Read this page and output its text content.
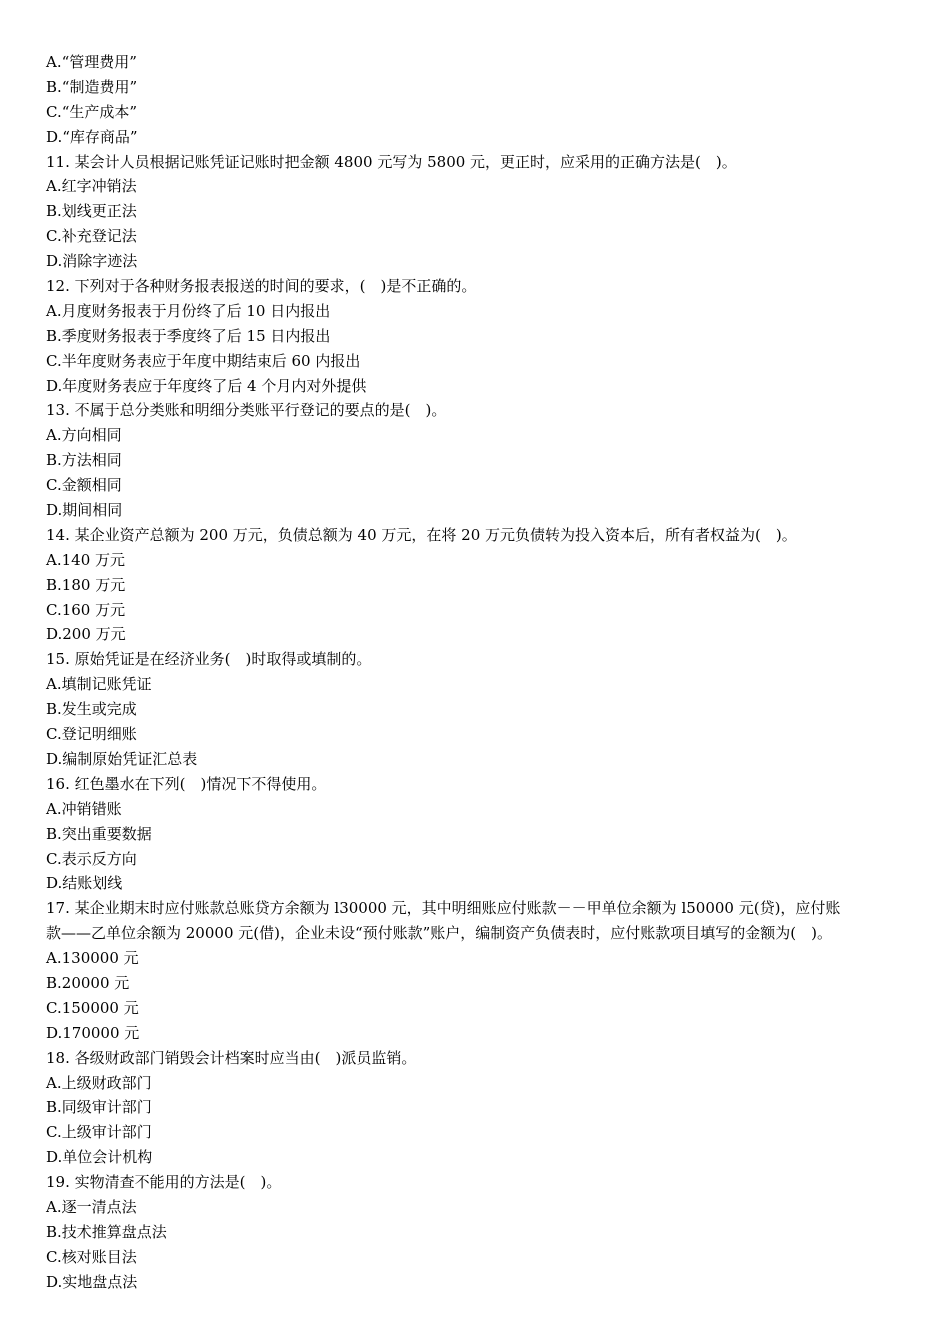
A.“管理费用”
B.“制造费用”
C.“生产成本”
D.“库存商品”
11. 某会计人员根据记账凭证记账时把金额 4800 元写为 5800 元，更正时，应采用的正确方法是(　)。
A.红字冲销法
B.划线更正法
C.补充登记法
D.消除字迹法
12. 下列对于各种财务报表报送的时间的要求，(　)是不正确的。
A.月度财务报表于月份终了后 10 日内报出
B.季度财务报表于季度终了后 15 日内报出
C.半年度财务表应于年度中期结束后 60 内报出
D.年度财务表应于年度终了后 4 个月内对外提供
13. 不属于总分类账和明细分类账平行登记的要点的是(　)。
A.方向相同
B.方法相同
C.金额相同
D.期间相同
14. 某企业资产总额为 200 万元，负债总额为 40 万元，在将 20 万元负债转为投入资本后，所有者权益为(　)。
A.140 万元
B.180 万元
C.160 万元
D.200 万元
15. 原始凭证是在经济业务(　)时取得或填制的。
A.填制记账凭证
B.发生或完成
C.登记明细账
D.编制原始凭证汇总表
16. 红色墨水在下列(　)情况下不得使用。
A.冲销错账
B.突出重要数据
C.表示反方向
D.结账划线
17. 某企业期末时应付账款总账贷方余额为 l30000 元，其中明细账应付账款－－甲单位余额为 l50000 元(贷)，应付账
款——乙单位余额为 20000 元(借)，企业未设“预付账款”账户，编制资产负债表时，应付账款项目填写的金额为(　)。
A.130000 元
B.20000 元
C.150000 元
D.170000 元
18. 各级财政部门销毁会计档案时应当由(　)派员监销。
A.上级财政部门
B.同级审计部门
C.上级审计部门
D.单位会计机构
19. 实物清查不能用的方法是(　)。
A.逐一清点法
B.技术推算盘点法
C.核对账目法
D.实地盘点法
